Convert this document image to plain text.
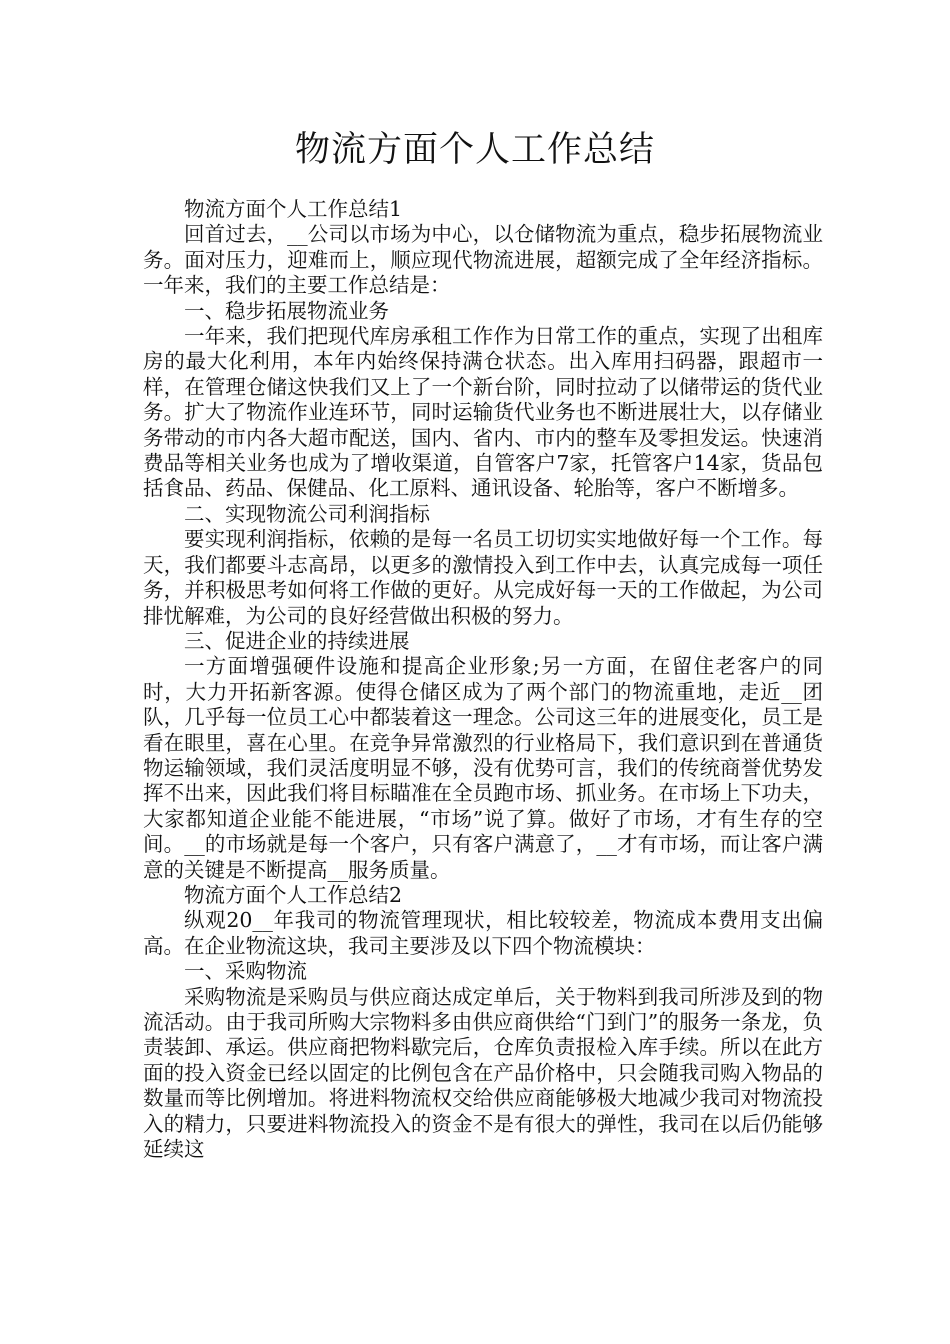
物流方面个人工作总结

物流方面个人工作总结1

回首过去，__公司以市场为中心，以仓储物流为重点，稳步拓展物流业务。面对压力，迎难而上，顺应现代物流进展，超额完成了全年经济指标。一年来，我们的主要工作总结是：

一、稳步拓展物流业务

一年来，我们把现代库房承租工作作为日常工作的重点，实现了出租库房的最大化利用，本年内始终保持满仓状态。出入库用扫码器，跟超市一样，在管理仓储这快我们又上了一个新台阶，同时拉动了以储带运的货代业务。扩大了物流作业连环节，同时运输货代业务也不断进展壮大，以存储业务带动的市内各大超市配送，国内、省内、市内的整车及零担发运。快速消费品等相关业务也成为了增收渠道，自管客户7家，托管客户14家，货品包括食品、药品、保健品、化工原料、通讯设备、轮胎等，客户不断增多。

二、实现物流公司利润指标

要实现利润指标，依赖的是每一名员工切切实实地做好每一个工作。每天，我们都要斗志高昂，以更多的激情投入到工作中去，认真完成每一项任务，并积极思考如何将工作做的更好。从完成好每一天的工作做起，为公司排忧解难，为公司的良好经营做出积极的努力。

三、促进企业的持续进展

一方面增强硬件设施和提高企业形象;另一方面，在留住老客户的同时，大力开拓新客源。使得仓储区成为了两个部门的物流重地，走近__团队，几乎每一位员工心中都装着这一理念。公司这三年的进展变化，员工是看在眼里，喜在心里。在竞争异常激烈的行业格局下，我们意识到在普通货物运输领域，我们灵活度明显不够，没有优势可言，我们的传统商誉优势发挥不出来，因此我们将目标瞄准在全员跑市场、抓业务。在市场上下功夫，大家都知道企业能不能进展，“市场”说了算。做好了市场，才有生存的空间。__的市场就是每一个客户，只有客户满意了，__才有市场，而让客户满意的关键是不断提高__服务质量。

物流方面个人工作总结2

纵观20__年我司的物流管理现状，相比较较差，物流成本费用支出偏高。在企业物流这块，我司主要涉及以下四个物流模块：

一、采购物流

采购物流是采购员与供应商达成定单后，关于物料到我司所涉及到的物流活动。由于我司所购大宗物料多由供应商供给“门到门”的服务一条龙，负责装卸、承运。供应商把物料歇完后，仓库负责报检入库手续。所以在此方面的投入资金已经以固定的比例包含在产品价格中，只会随我司购入物品的数量而等比例增加。将进料物流权交给供应商能够极大地减少我司对物流投入的精力，只要进料物流投入的资金不是有很大的弹性，我司在以后仍能够延续这
